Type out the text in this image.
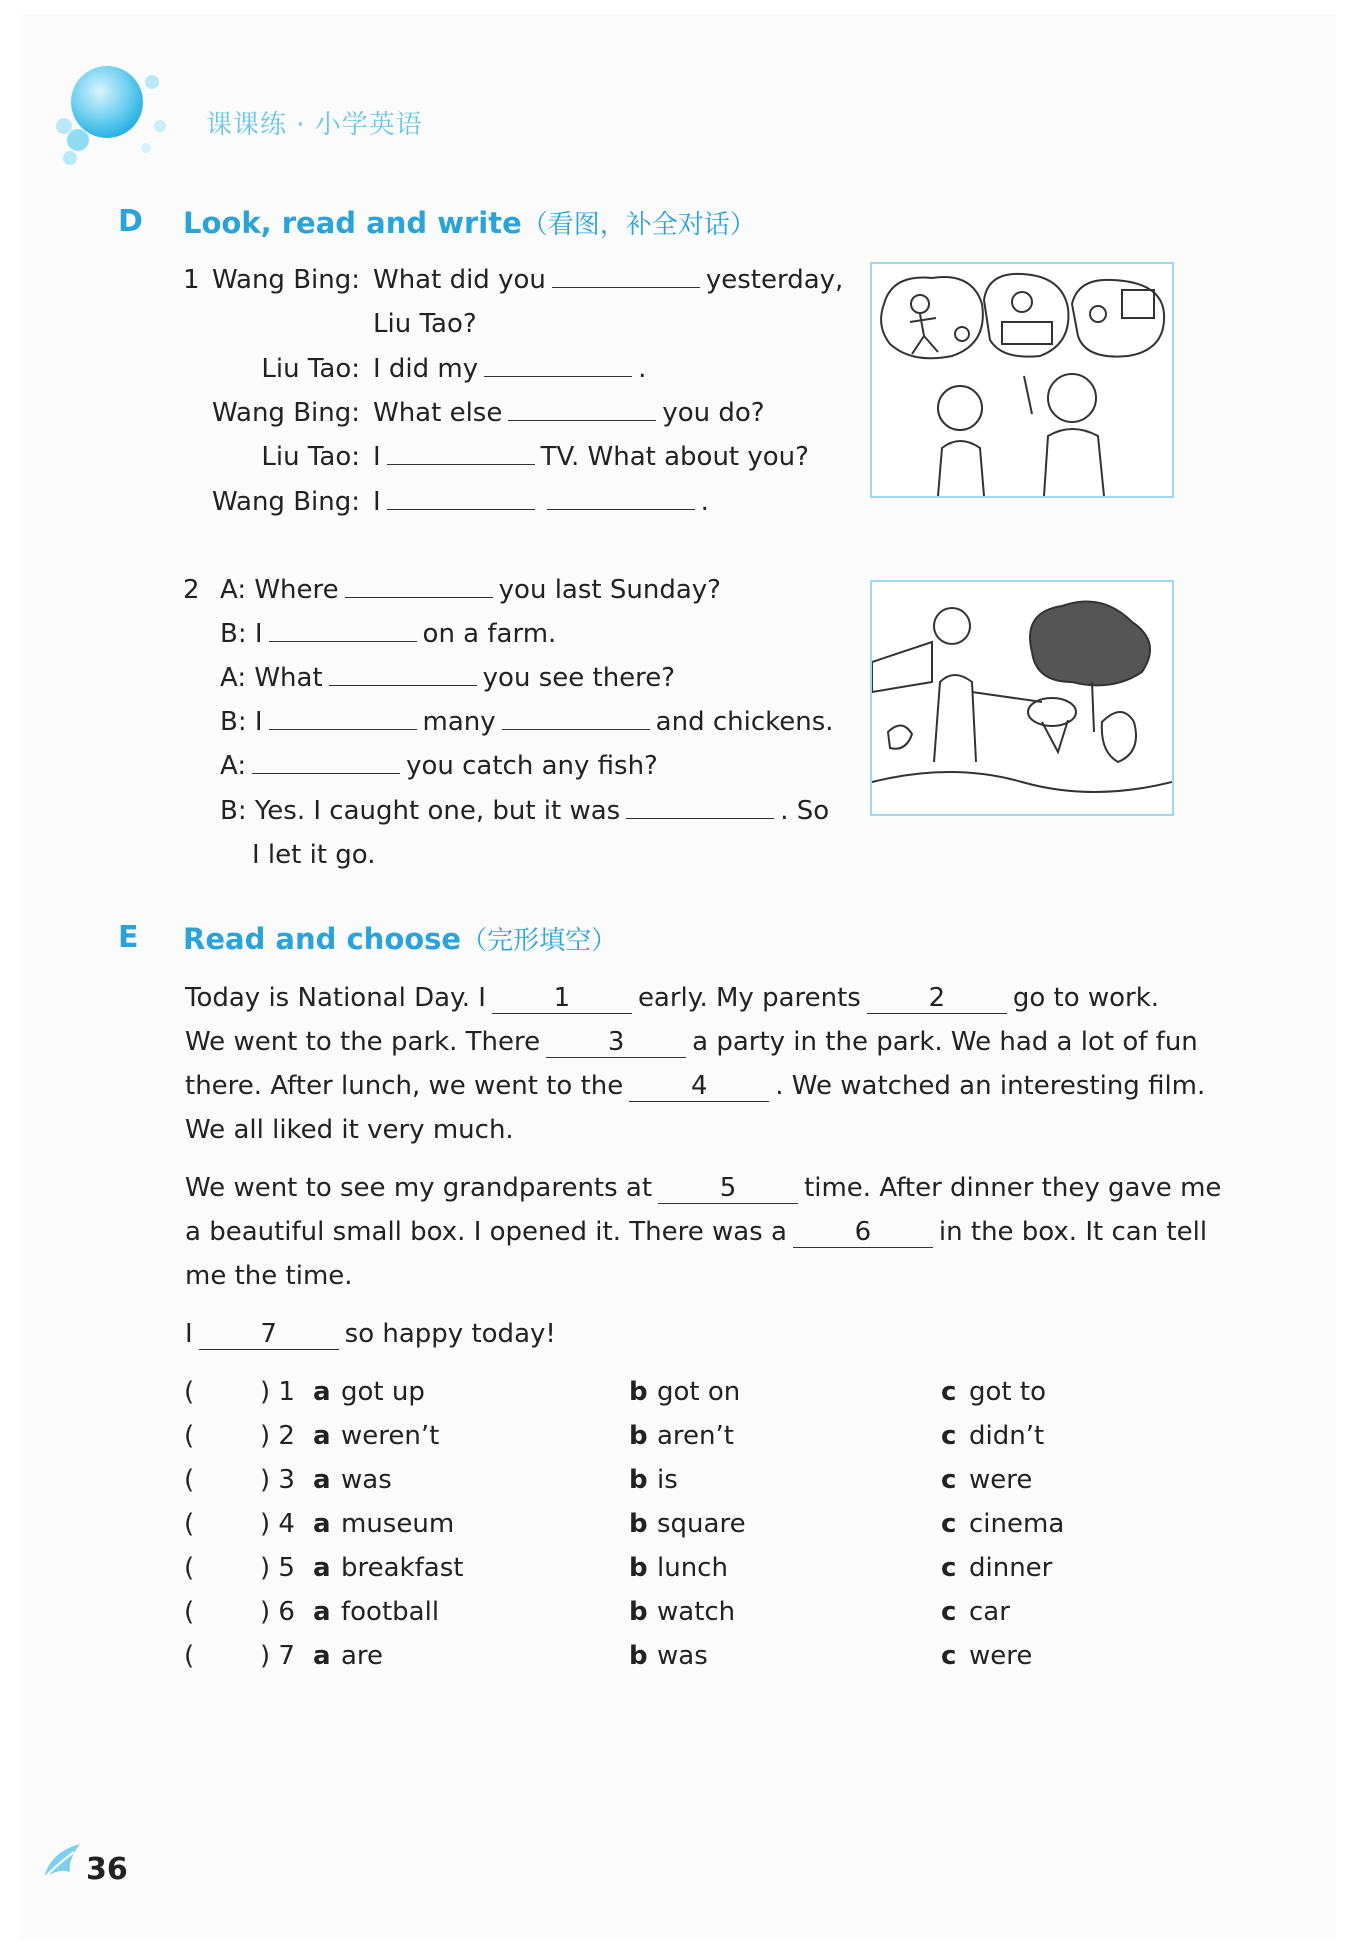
课课练 · 小学英语
D Look, read and write（看图，补全对话）
1 Wang Bing: What did you	yesterday,
Liu Tao?
Liu Tao: I did my	.
Wang Bing: What else	you do?
Liu Tao: I	TV. What about you?
Wang Bing: I	.
2 A: Where	you last Sunday?
B: I	on a farm.
A: What	you see there?
B: I	many	and chickens.
A:	you catch any fish?
B: Yes. I caught one, but it was	. So
I let it go.
E Read and choose（完形填空）
Today is National Day. I	1	early. My parents	2	go to work.
We went to the park. There	3	a party in the park. We had a lot of fun
there. After lunch, we went to the	4	. We watched an interesting film.
We all liked it very much.
We went to see my grandparents at	5	time. After dinner they gave me
a beautiful small box. I opened it. There was a	6	in the box. It can tell
me the time.
I	7	so happy today!
(	) 1 a got up	b got on	c got to
(	) 2 a weren’t	b aren’t	c didn’t
(	) 3 a was	b is	c were
(	) 4 a museum	b square	c cinema
(	) 5 a breakfast	b lunch	c dinner
(	) 6 a football	b watch	c car
(	) 7 a are	b was	c were
36
